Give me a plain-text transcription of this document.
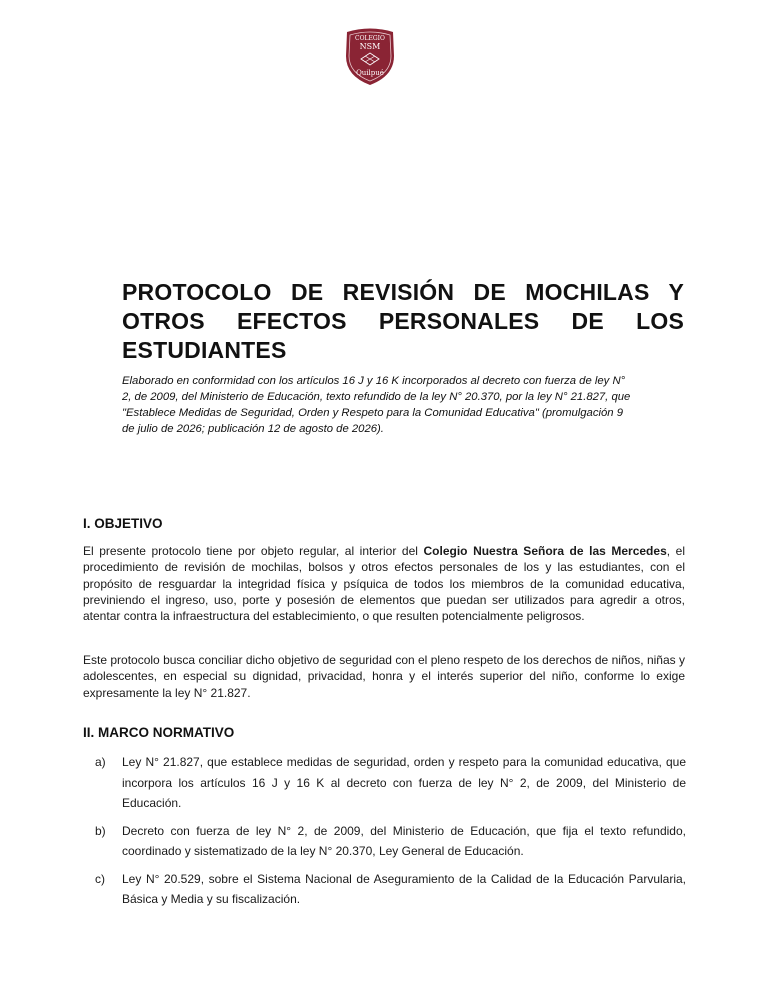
COLEGIO
NSM
Quilpué
PROTOCOLO DE REVISIÓN DE MOCHILAS Y OTROS EFECTOS PERSONALES DE LOS ESTUDIANTES

Elaborado en conformidad con los artículos 16 J y 16 K incorporados al decreto con fuerza de ley N° 2, de 2009, del Ministerio de Educación, texto refundido de la ley N° 20.370, por la ley N° 21.827, que "Establece Medidas de Seguridad, Orden y Respeto para la Comunidad Educativa" (promulgación 9 de julio de 2026; publicación 12 de agosto de 2026).

I. OBJETIVO

El presente protocolo tiene por objeto regular, al interior del Colegio Nuestra Señora de las Mercedes, el procedimiento de revisión de mochilas, bolsos y otros efectos personales de los y las estudiantes, con el propósito de resguardar la integridad física y psíquica de todos los miembros de la comunidad educativa, previniendo el ingreso, uso, porte y posesión de elementos que puedan ser utilizados para agredir a otros, atentar contra la infraestructura del establecimiento, o que resulten potencialmente peligrosos.

Este protocolo busca conciliar dicho objetivo de seguridad con el pleno respeto de los derechos de niños, niñas y adolescentes, en especial su dignidad, privacidad, honra y el interés superior del niño, conforme lo exige expresamente la ley N° 21.827.

II. MARCO NORMATIVO
a)	Ley N° 21.827, que establece medidas de seguridad, orden y respeto para la comunidad educativa, que incorpora los artículos 16 J y 16 K al decreto con fuerza de ley N° 2, de 2009, del Ministerio de Educación.
b)	Decreto con fuerza de ley N° 2, de 2009, del Ministerio de Educación, que fija el texto refundido, coordinado y sistematizado de la ley N° 20.370, Ley General de Educación.
c)	Ley N° 20.529, sobre el Sistema Nacional de Aseguramiento de la Calidad de la Educación Parvularia, Básica y Media y su fiscalización.
